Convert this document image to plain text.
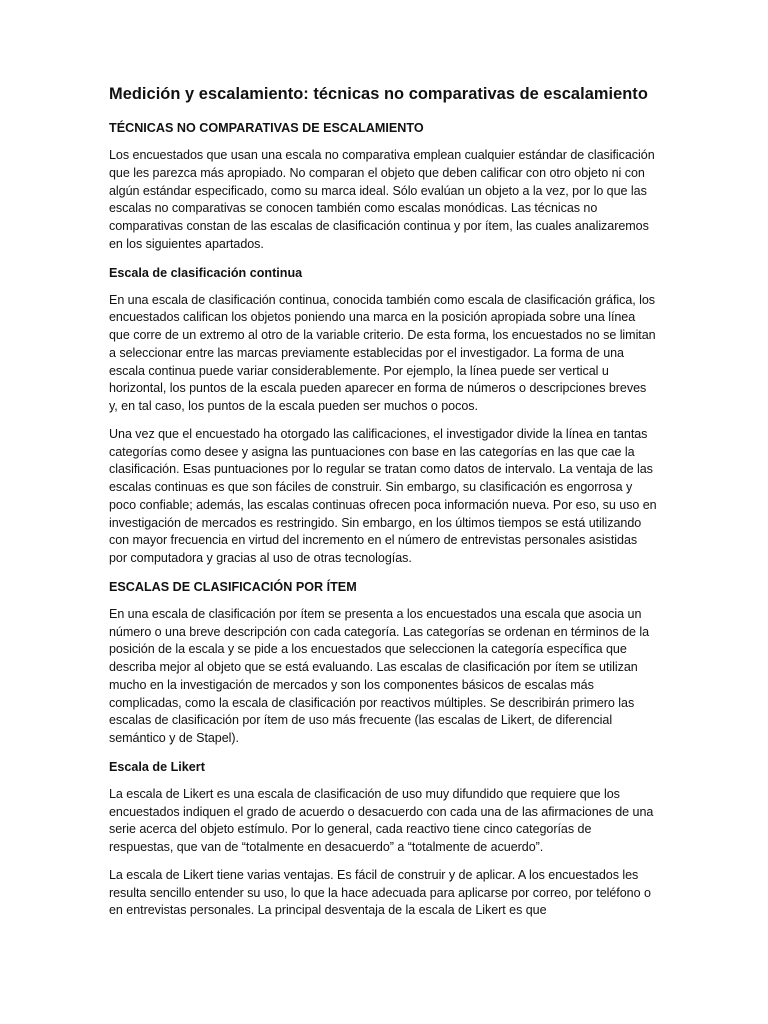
Medición y escalamiento: técnicas no comparativas de escalamiento
TÉCNICAS NO COMPARATIVAS DE ESCALAMIENTO

Los encuestados que usan una escala no comparativa emplean cualquier estándar de clasificación que les parezca más apropiado. No comparan el objeto que deben calificar con otro objeto ni con algún estándar especificado, como su marca ideal. Sólo evalúan un objeto a la vez, por lo que las escalas no comparativas se conocen también como escalas monódicas. Las técnicas no comparativas constan de las escalas de clasificación continua y por ítem, las cuales analizaremos en los siguientes apartados.

Escala de clasificación continua

En una escala de clasificación continua, conocida también como escala de clasificación gráfica, los encuestados califican los objetos poniendo una marca en la posición apropiada sobre una línea que corre de un extremo al otro de la variable criterio. De esta forma, los encuestados no se limitan a seleccionar entre las marcas previamente establecidas por el investigador. La forma de una escala continua puede variar considerablemente. Por ejemplo, la línea puede ser vertical u horizontal, los puntos de la escala pueden aparecer en forma de números o descripciones breves y, en tal caso, los puntos de la escala pueden ser muchos o pocos.

Una vez que el encuestado ha otorgado las calificaciones, el investigador divide la línea en tantas categorías como desee y asigna las puntuaciones con base en las categorías en las que cae la clasificación. Esas puntuaciones por lo regular se tratan como datos de intervalo. La ventaja de las escalas continuas es que son fáciles de construir. Sin embargo, su clasificación es engorrosa y poco confiable; además, las escalas continuas ofrecen poca información nueva. Por eso, su uso en investigación de mercados es restringido. Sin embargo, en los últimos tiempos se está utilizando con mayor frecuencia en virtud del incremento en el número de entrevistas personales asistidas por computadora y gracias al uso de otras tecnologías.

ESCALAS DE CLASIFICACIÓN POR ÍTEM

En una escala de clasificación por ítem se presenta a los encuestados una escala que asocia un número o una breve descripción con cada categoría. Las categorías se ordenan en términos de la posición de la escala y se pide a los encuestados que seleccionen la categoría específica que describa mejor al objeto que se está evaluando. Las escalas de clasificación por ítem se utilizan mucho en la investigación de mercados y son los componentes básicos de escalas más complicadas, como la escala de clasificación por reactivos múltiples. Se describirán primero las escalas de clasificación por ítem de uso más frecuente (las escalas de Likert, de diferencial semántico y de Stapel).

Escala de Likert

La escala de Likert es una escala de clasificación de uso muy difundido que requiere que los encuestados indiquen el grado de acuerdo o desacuerdo con cada una de las afirmaciones de una serie acerca del objeto estímulo. Por lo general, cada reactivo tiene cinco categorías de respuestas, que van de “totalmente en desacuerdo” a “totalmente de acuerdo”.

La escala de Likert tiene varias ventajas. Es fácil de construir y de aplicar. A los encuestados les resulta sencillo entender su uso, lo que la hace adecuada para aplicarse por correo, por teléfono o en entrevistas personales. La principal desventaja de la escala de Likert es que
